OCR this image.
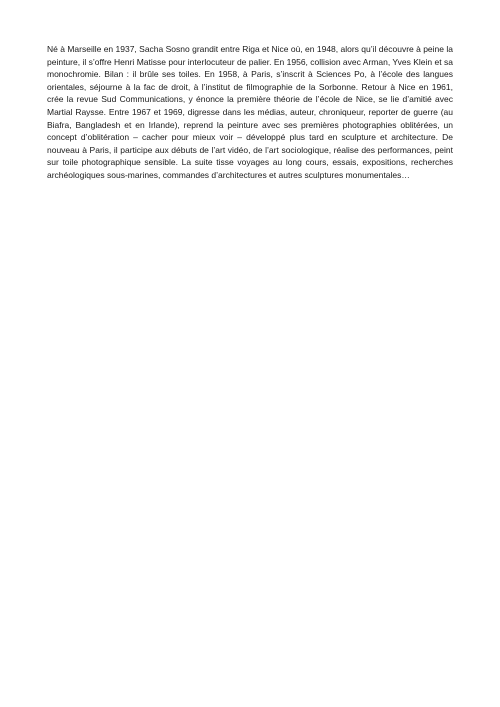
Né à Marseille en 1937, Sacha Sosno grandit entre Riga et Nice où, en 1948, alors qu’il découvre à peine la peinture, il s’offre Henri Matisse pour interlocuteur de palier. En 1956, collision avec Arman, Yves Klein et sa monochromie. Bilan : il brûle ses toiles. En 1958, à Paris, s’inscrit à Sciences Po, à l’école des langues orientales, séjourne à la fac de droit, à l’institut de filmographie de la Sorbonne. Retour à Nice en 1961, crée la revue Sud Communications, y énonce la première théorie de l’école de Nice, se lie d’amitié avec Martial Raysse. Entre 1967 et 1969, digresse dans les médias, auteur, chroniqueur, reporter de guerre (au Biafra, Bangladesh et en Irlande), reprend la peinture avec ses premières photographies oblitérées, un concept d’oblitération – cacher pour mieux voir – développé plus tard en sculpture et architecture. De nouveau à Paris, il participe aux débuts de l’art vidéo, de l’art sociologique, réalise des performances, peint sur toile photographique sensible. La suite tisse voyages au long cours, essais, expositions, recherches archéologiques sous-marines, commandes d’architectures et autres sculptures monumentales…
